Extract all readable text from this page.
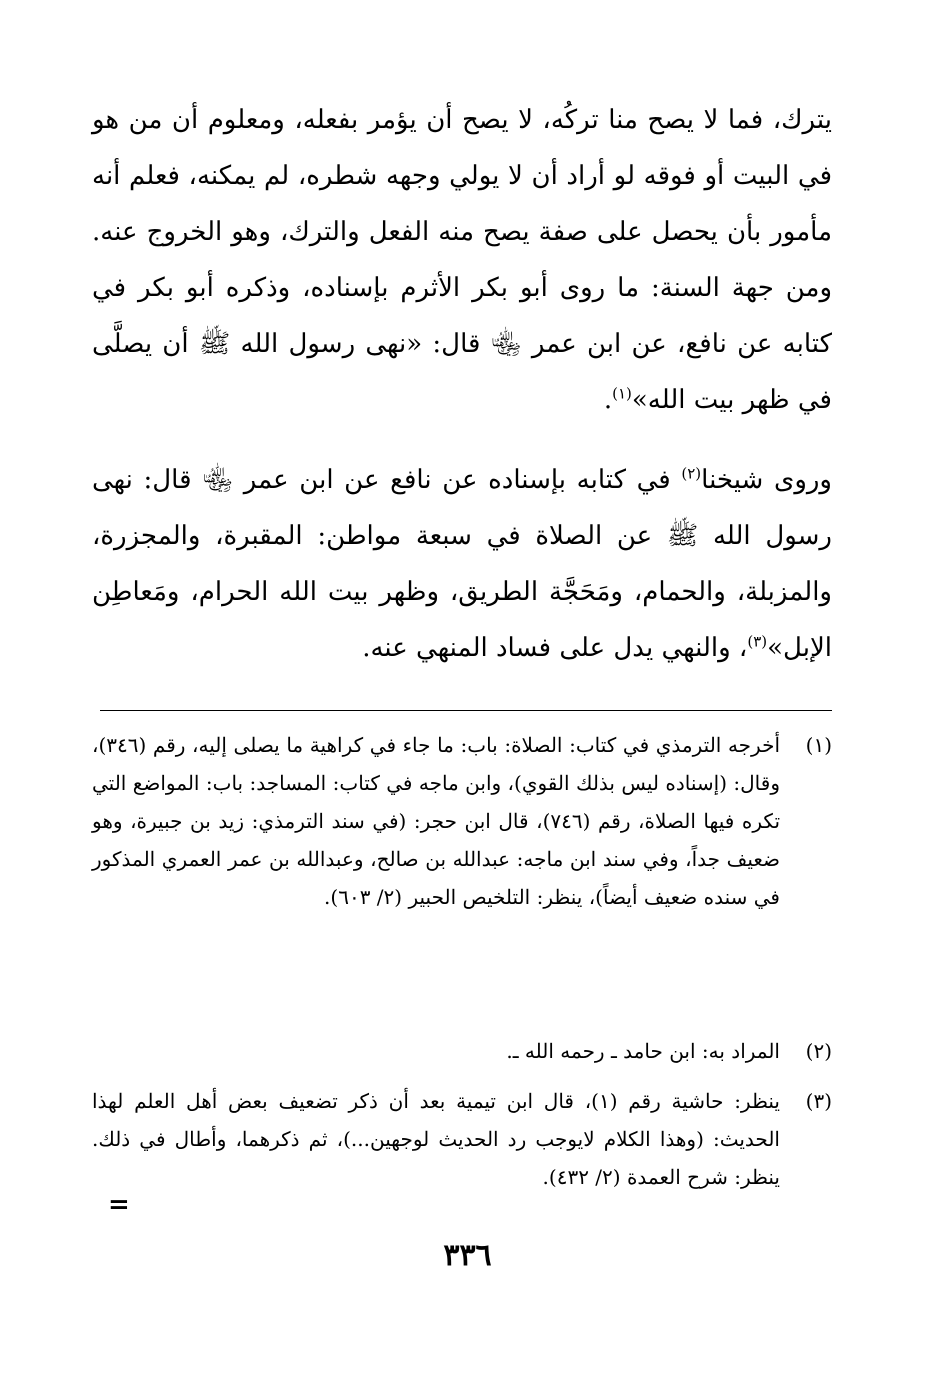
يترك، فما لا يصح منا تركُه، لا يصح أن يؤمر بفعله، ومعلوم أن من هو في البيت أو فوقه لو أراد أن لا يولي وجهه شطره، لم يمكنه، فعلم أنه مأمور بأن يحصل على صفة يصح منه الفعل والترك، وهو الخروج عنه. ومن جهة السنة: ما روى أبو بكر الأثرم بإسناده، وذكره أبو بكر في كتابه عن نافع، عن ابن عمر ﵄ قال: «نهى رسول الله ﷺ أن يصلَّى في ظهر بيت الله»$^{(١)}$.

وروى شيخنا$^{(٢)}$ في كتابه بإسناده عن نافع عن ابن عمر ﵄ قال: نهى رسول الله ﷺ عن الصلاة في سبعة مواطن: المقبرة، والمجزرة، والمزبلة، والحمام، ومَحَجَّة الطريق، وظهر بيت الله الحرام، ومَعاطِن الإبل»$^{(٣)}$، والنهي يدل على فساد المنهي عنه.

(١)
أخرجه الترمذي في كتاب: الصلاة: باب: ما جاء في كراهية ما يصلى إليه، رقم (٣٤٦)، وقال: (إسناده ليس بذلك القوي)، وابن ماجه في كتاب: المساجد: باب: المواضع التي تكره فيها الصلاة، رقم (٧٤٦)، قال ابن حجر: (في سند الترمذي: زيد بن جبيرة، وهو ضعيف جداً، وفي سند ابن ماجه: عبدالله بن صالح، وعبدالله بن عمر العمري المذكور في سنده ضعيف أيضاً)، ينظر: التلخيص الحبير (٢/ ٦٠٣).
(٢)
المراد به: ابن حامد ـ رحمه الله ـ.
(٣)
ينظر: حاشية رقم (١)، قال ابن تيمية بعد أن ذكر تضعيف بعض أهل العلم لهذا الحديث: (وهذا الكلام لايوجب رد الحديث لوجهين...)، ثم ذكرهما، وأطال في ذلك. ينظر: شرح العمدة (٢/ ٤٣٢).
=
٣٣٦
